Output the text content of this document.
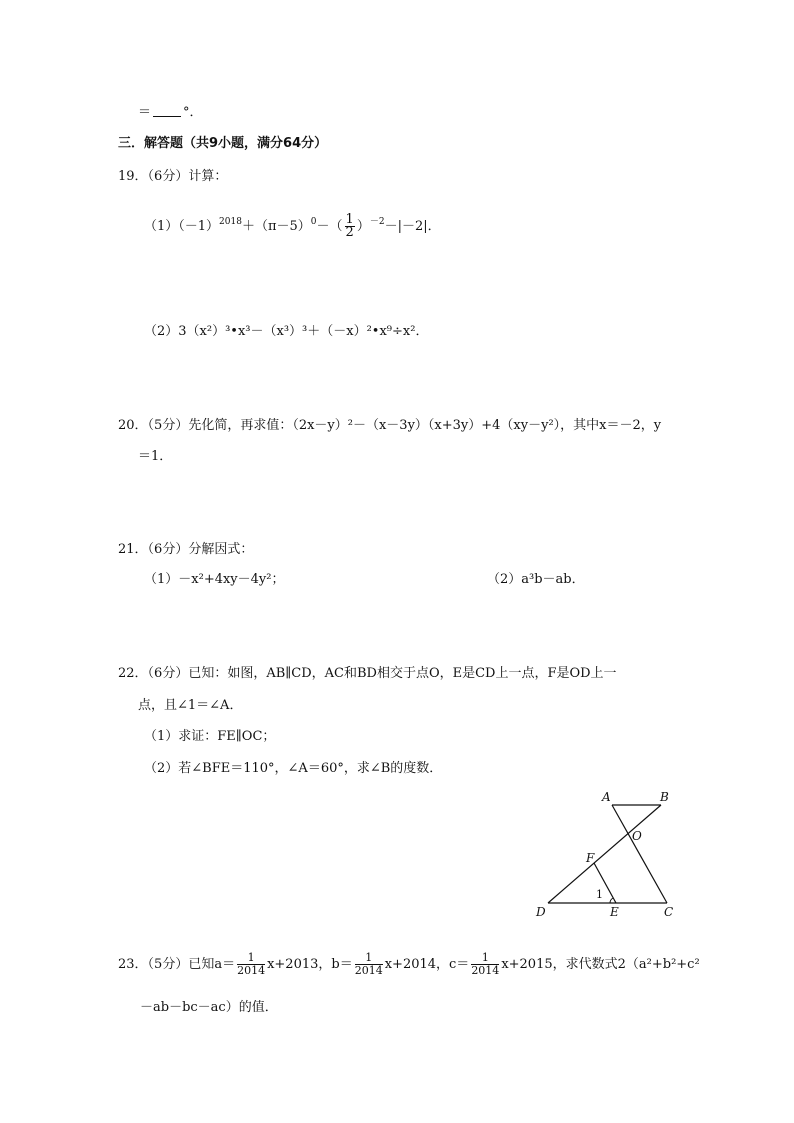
＝ °．
三．解答题（共9小题，满分64分）
19．（6分）计算：
$(1)(-1)^{2018}+(\pi-5)^0-( \frac{1}{2} )^{-2}-|-2|$．
（2）3（x²）³•x³－（x³）³＋（－x）²•x⁹÷x²．
20．（5分）先化简，再求值：（2x－y）²－（x－3y）（x+3y）+4（xy－y²），其中x＝－2，y
＝1．
21．（6分）分解因式：
（1）－x²+4xy－4y²；	（2）a³b－ab．
22．（6分）已知：如图，AB∥CD，AC和BD相交于点O，E是CD上一点，F是OD上一
点，且∠1＝∠A．
（1）求证：FE∥OC；
（2）若∠BFE＝110°，∠A＝60°，求∠B的度数．
A	B
O
F
1
D	E	C
23．（5分）已知$a= \frac{1}{2014} x+2013$，$b= \frac{1}{2014} x+2014$，$c= \frac{1}{2014} x+2015$，求代数式2（a²+b²+c²
－ab－bc－ac）的值．
